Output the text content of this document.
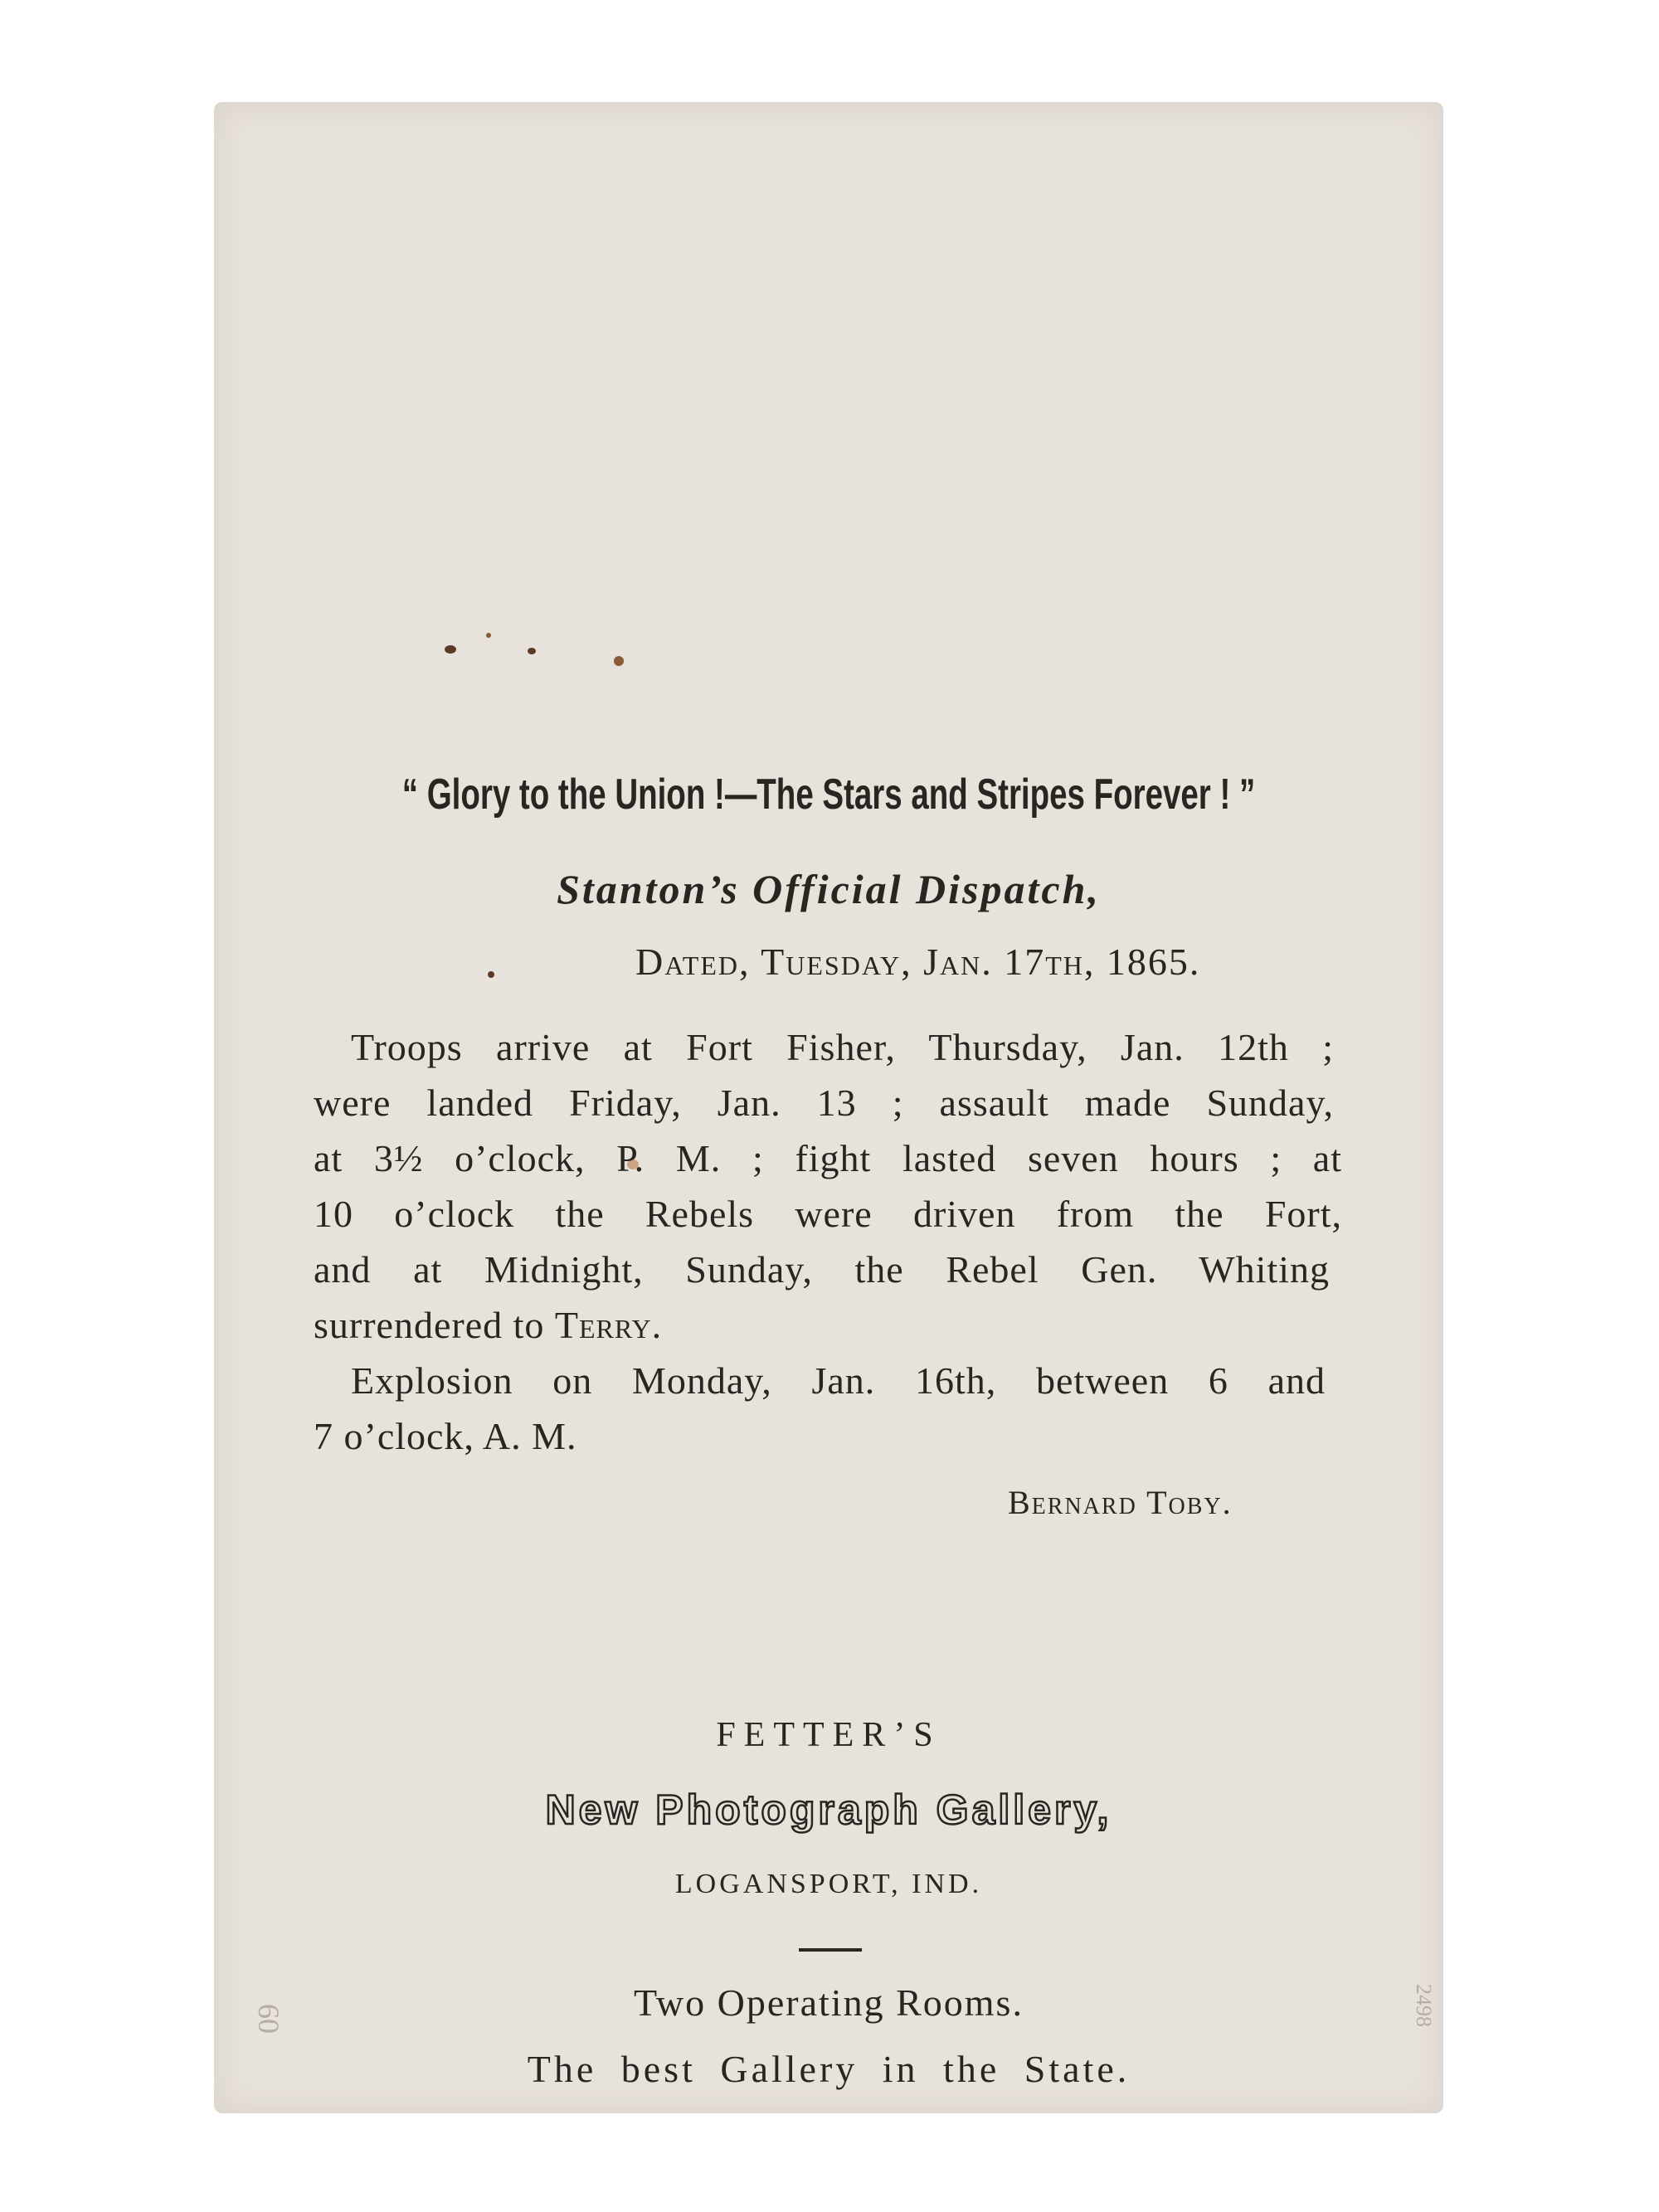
“ Glory to the Union !—The Stars and Stripes Forever ! ”
Stanton’s Official Dispatch,
Dated, Tuesday, Jan. 17th, 1865.
Troops arrive at Fort Fisher, Thursday, Jan. 12th ;
were landed Friday, Jan. 13 ; assault made Sunday,
at 3½ o’clock, P. M. ; fight lasted seven hours ; at
10 o’clock the Rebels were driven from the Fort,
and at Midnight, Sunday, the Rebel Gen. Whiting
surrendered to Terry.
Explosion on Monday, Jan. 16th, between 6 and
7 o’clock, A. M.
Bernard Toby.
FETTER’S
New Photograph Gallery,
LOGANSPORT, IND.
Two Operating Rooms.
The best Gallery in the State.
60	2498
